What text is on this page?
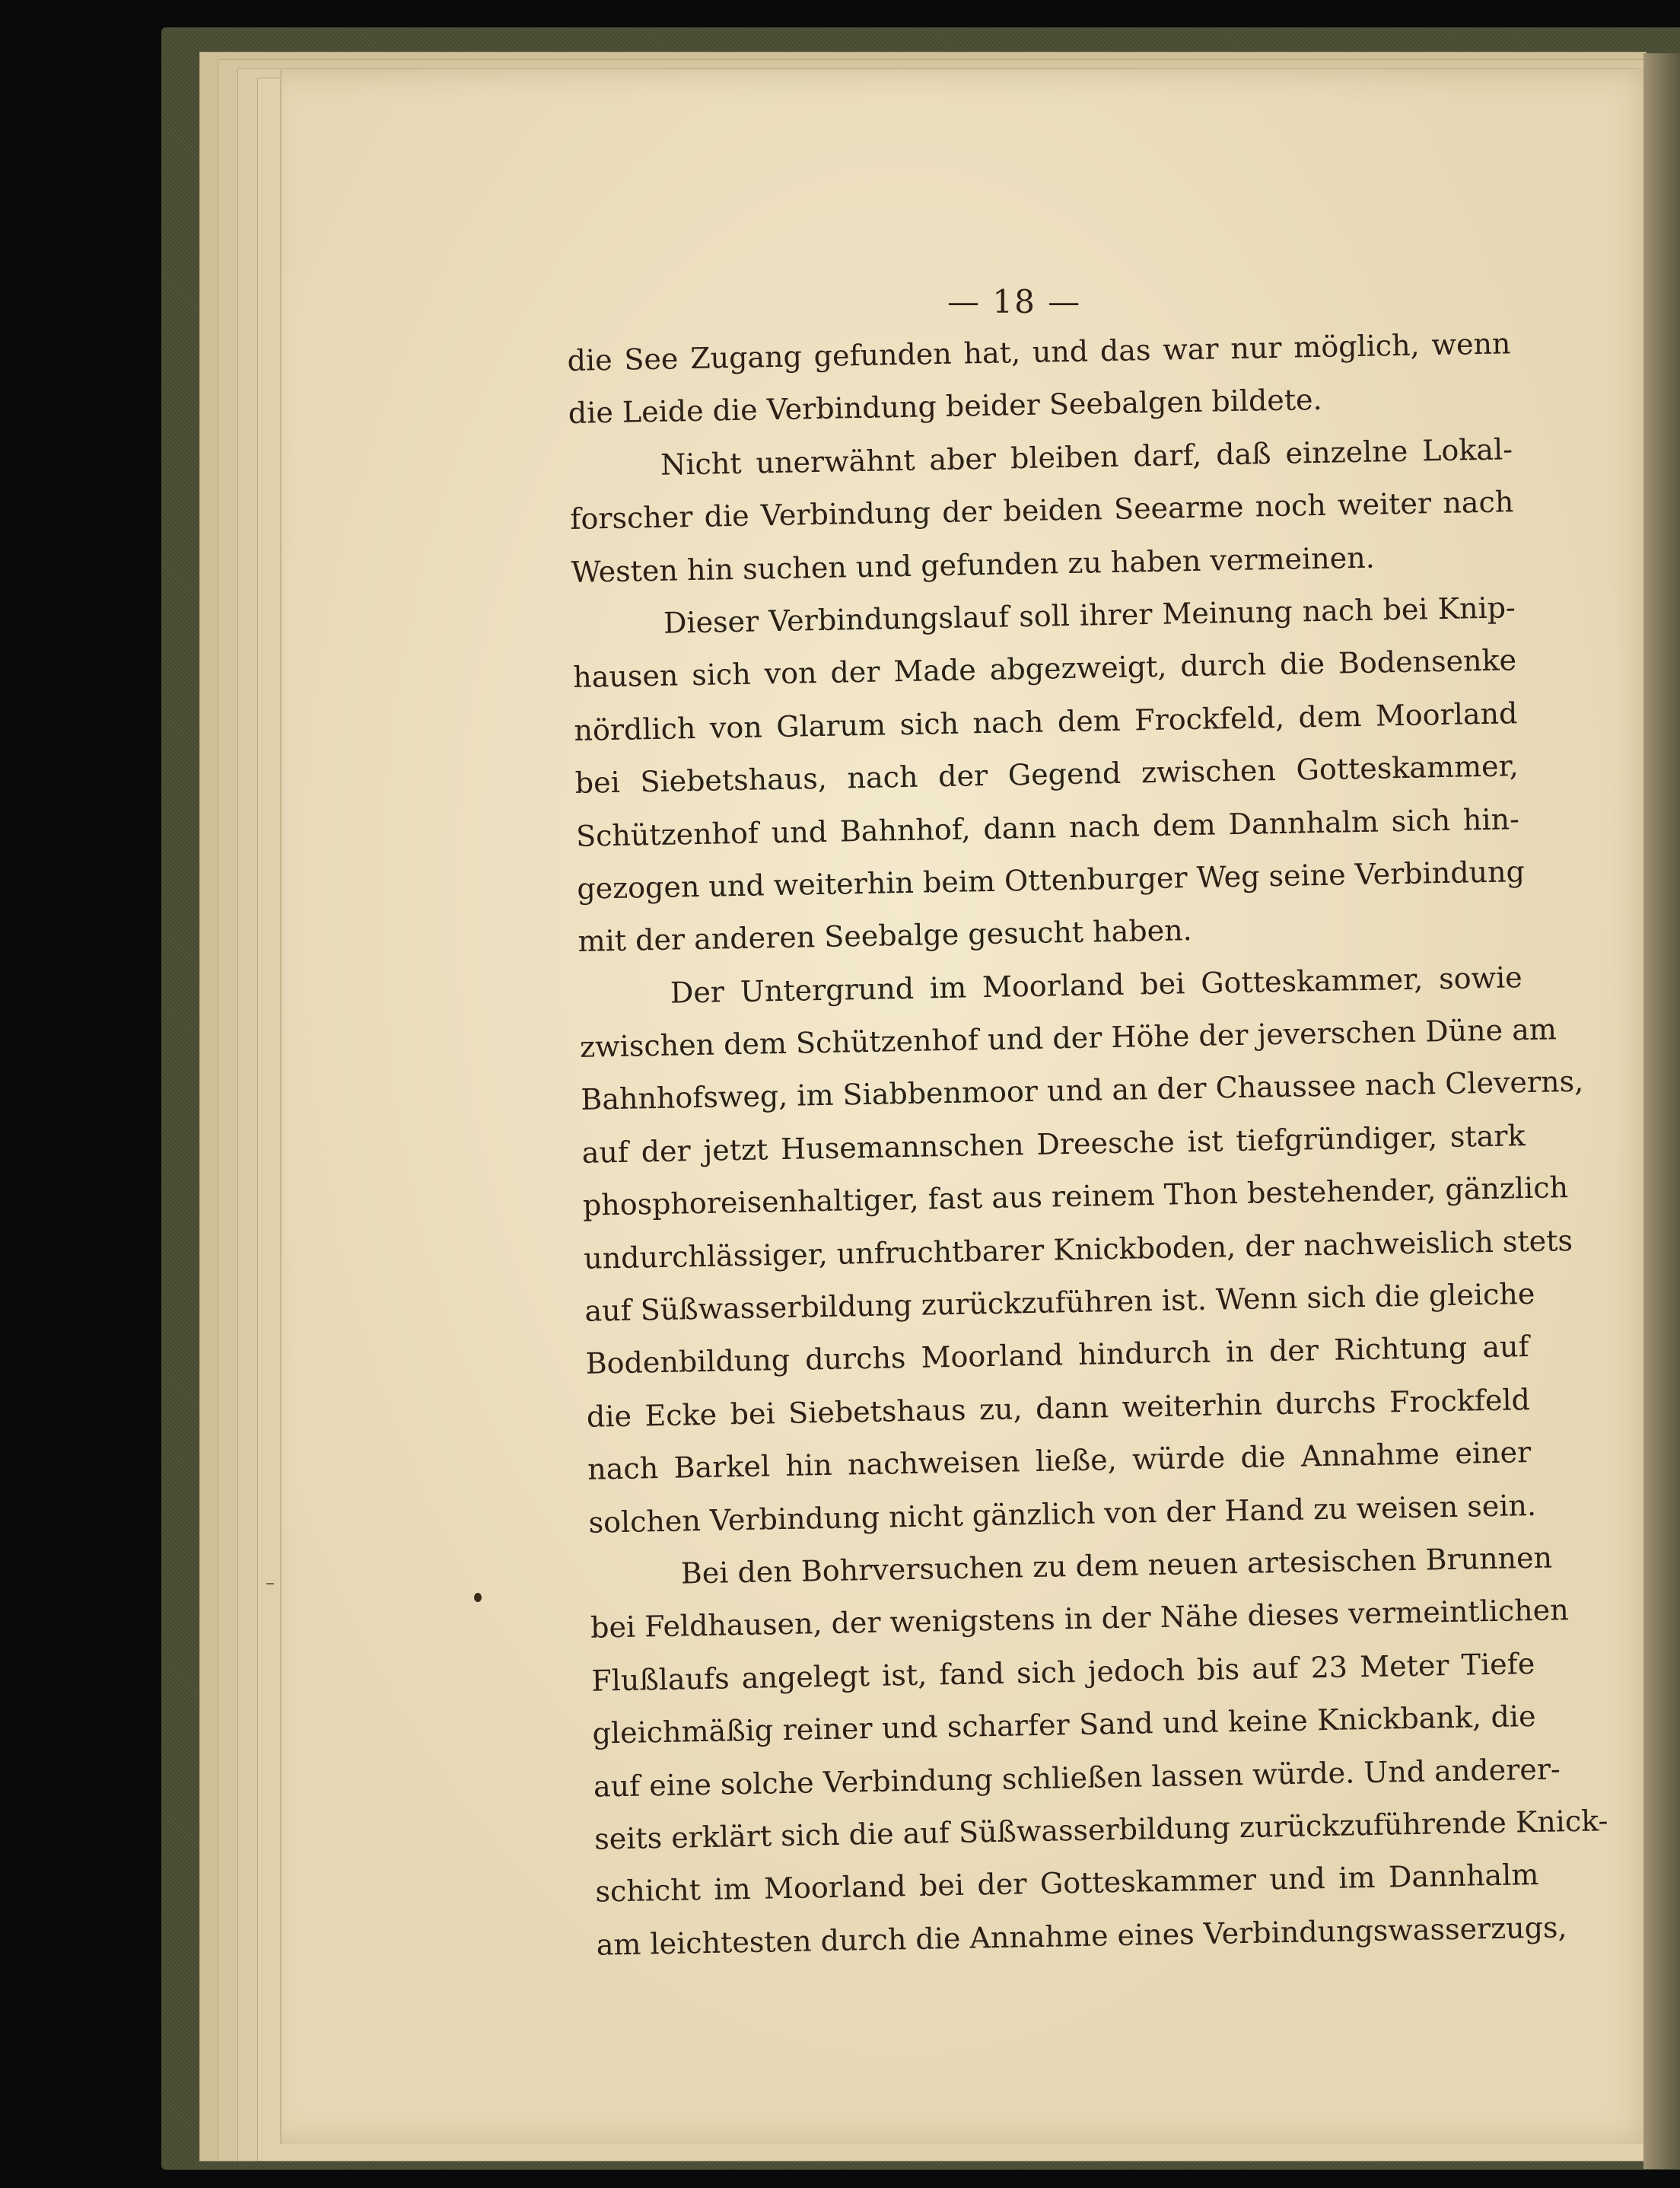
— 18 —
die See Zugang gefunden hat, und das war nur möglich, wenn
die Leide die Verbindung beider Seebalgen bildete.
Nicht unerwähnt aber bleiben darf, daß einzelne Lokal-
forscher die Verbindung der beiden Seearme noch weiter nach
Westen hin suchen und gefunden zu haben vermeinen.
Dieser Verbindungslauf soll ihrer Meinung nach bei Knip-
hausen sich von der Made abgezweigt, durch die Bodensenke
nördlich von Glarum sich nach dem Frockfeld, dem Moorland
bei Siebetshaus, nach der Gegend zwischen Gotteskammer,
Schützenhof und Bahnhof, dann nach dem Dannhalm sich hin-
gezogen und weiterhin beim Ottenburger Weg seine Verbindung
mit der anderen Seebalge gesucht haben.
Der Untergrund im Moorland bei Gotteskammer, sowie
zwischen dem Schützenhof und der Höhe der jeverschen Düne am
Bahnhofsweg, im Siabbenmoor und an der Chaussee nach Cleverns,
auf der jetzt Husemannschen Dreesche ist tiefgründiger, stark
phosphoreisenhaltiger, fast aus reinem Thon bestehender, gänzlich
undurchlässiger, unfruchtbarer Knickboden, der nachweislich stets
auf Süßwasserbildung zurückzuführen ist. Wenn sich die gleiche
Bodenbildung durchs Moorland hindurch in der Richtung auf
die Ecke bei Siebetshaus zu, dann weiterhin durchs Frockfeld
nach Barkel hin nachweisen ließe, würde die Annahme einer
solchen Verbindung nicht gänzlich von der Hand zu weisen sein.
Bei den Bohrversuchen zu dem neuen artesischen Brunnen
bei Feldhausen, der wenigstens in der Nähe dieses vermeintlichen
Flußlaufs angelegt ist, fand sich jedoch bis auf 23 Meter Tiefe
gleichmäßig reiner und scharfer Sand und keine Knickbank, die
auf eine solche Verbindung schließen lassen würde. Und anderer-
seits erklärt sich die auf Süßwasserbildung zurückzuführende Knick-
schicht im Moorland bei der Gotteskammer und im Dannhalm
am leichtesten durch die Annahme eines Verbindungswasserzugs,
